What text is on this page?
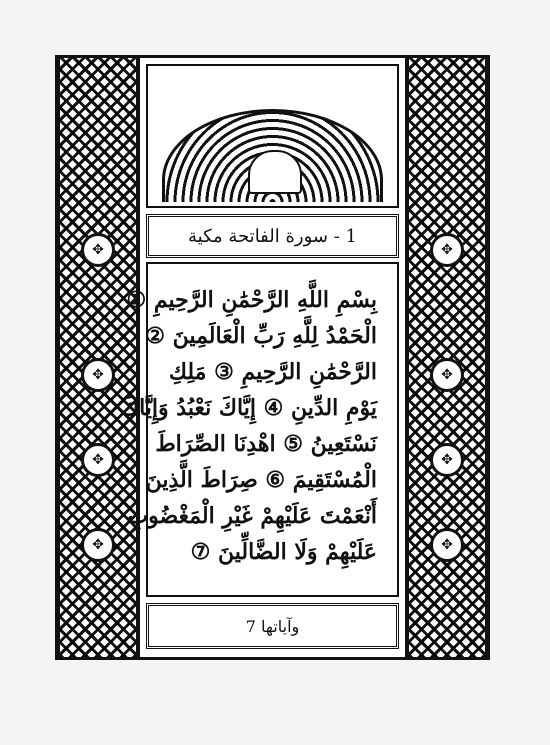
✥
✥
✥
✥
1 - سورة الفاتحة مكية
بِسْمِ اللَّهِ الرَّحْمَٰنِ الرَّحِيمِ ①
الْحَمْدُ لِلَّهِ رَبِّ الْعَالَمِينَ ②
الرَّحْمَٰنِ الرَّحِيمِ ③ مَلِكِ
يَوْمِ الدِّينِ ④ إِيَّاكَ نَعْبُدُ وَإِيَّاكَ
نَسْتَعِينُ ⑤ اهْدِنَا الصِّرَاطَ
الْمُسْتَقِيمَ ⑥ صِرَاطَ الَّذِينَ
أَنْعَمْتَ عَلَيْهِمْ غَيْرِ الْمَغْضُوبِ
عَلَيْهِمْ وَلَا الضَّالِّينَ ⑦
وآياتها 7
✥
✥
✥
✥
